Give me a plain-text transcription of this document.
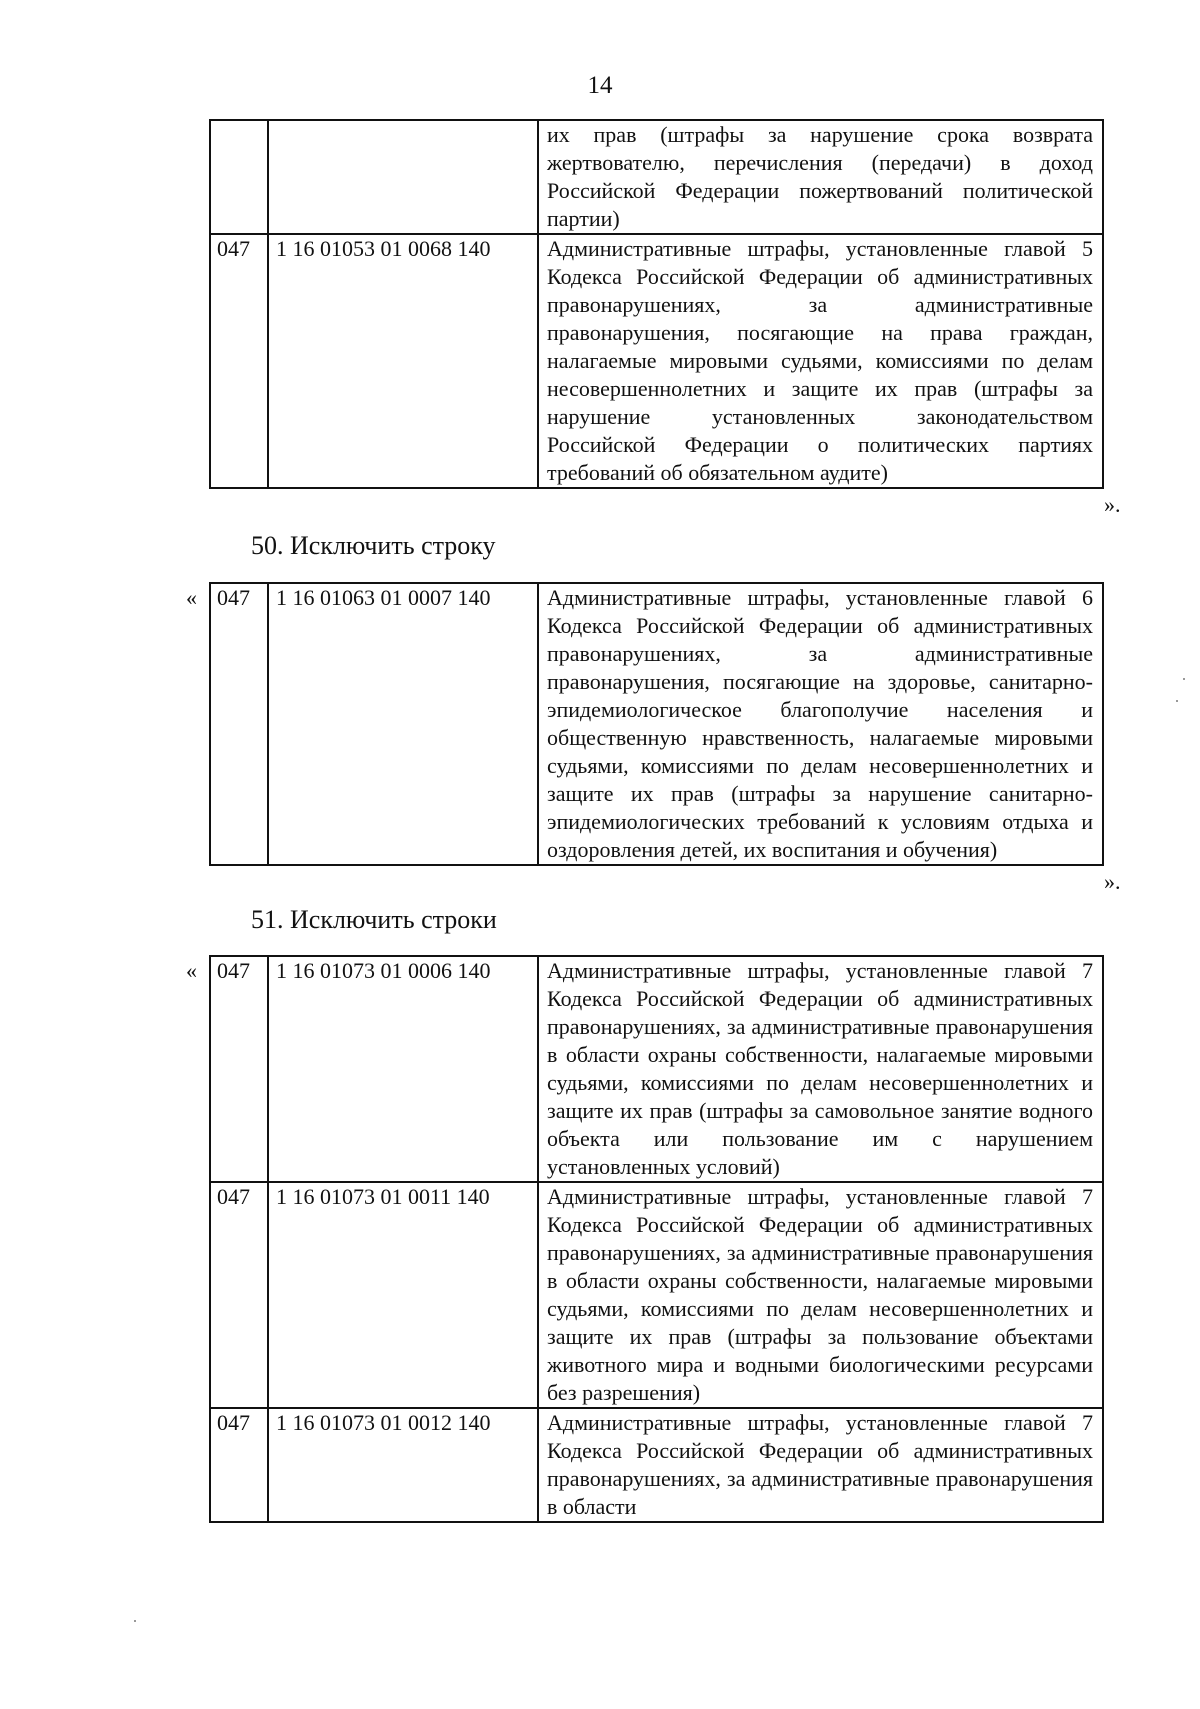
14
		их прав (штрафы за нарушение срока возврата жертвователю, перечисления (передачи) в доход Российской Федерации пожертвований политической партии)
047	1 16 01053 01 0068 140	Административные штрафы, установленные главой 5 Кодекса Российской Федерации об административных правонарушениях, за административные правонарушения, посягающие на права граждан, налагаемые мировыми судьями, комиссиями по делам несовершеннолетних и защите их прав (штрафы за нарушение установленных законодательством Российской Федерации о политических партиях требований об обязательном аудите)
».
50. Исключить строку
« 047	1 16 01063 01 0007 140	Административные штрафы, установленные главой 6 Кодекса Российской Федерации об административных правонарушениях, за административные правонарушения, посягающие на здоровье, санитарно-эпидемиологическое благополучие населения и общественную нравственность, налагаемые мировыми судьями, комиссиями по делам несовершеннолетних и защите их прав (штрафы за нарушение санитарно-эпидемиологических требований к условиям отдыха и оздоровления детей, их воспитания и обучения)
».
51. Исключить строки
« 047	1 16 01073 01 0006 140	Административные штрафы, установленные главой 7 Кодекса Российской Федерации об административных правонарушениях, за административные правонарушения в области охраны собственности, налагаемые мировыми судьями, комиссиями по делам несовершеннолетних и защите их прав (штрафы за самовольное занятие водного объекта или пользование им с нарушением установленных условий)
047	1 16 01073 01 0011 140	Административные штрафы, установленные главой 7 Кодекса Российской Федерации об административных правонарушениях, за административные правонарушения в области охраны собственности, налагаемые мировыми судьями, комиссиями по делам несовершеннолетних и защите их прав (штрафы за пользование объектами животного мира и водными биологическими ресурсами без разрешения)
047	1 16 01073 01 0012 140	Административные штрафы, установленные главой 7 Кодекса Российской Федерации об административных правонарушениях, за административные правонарушения в области
